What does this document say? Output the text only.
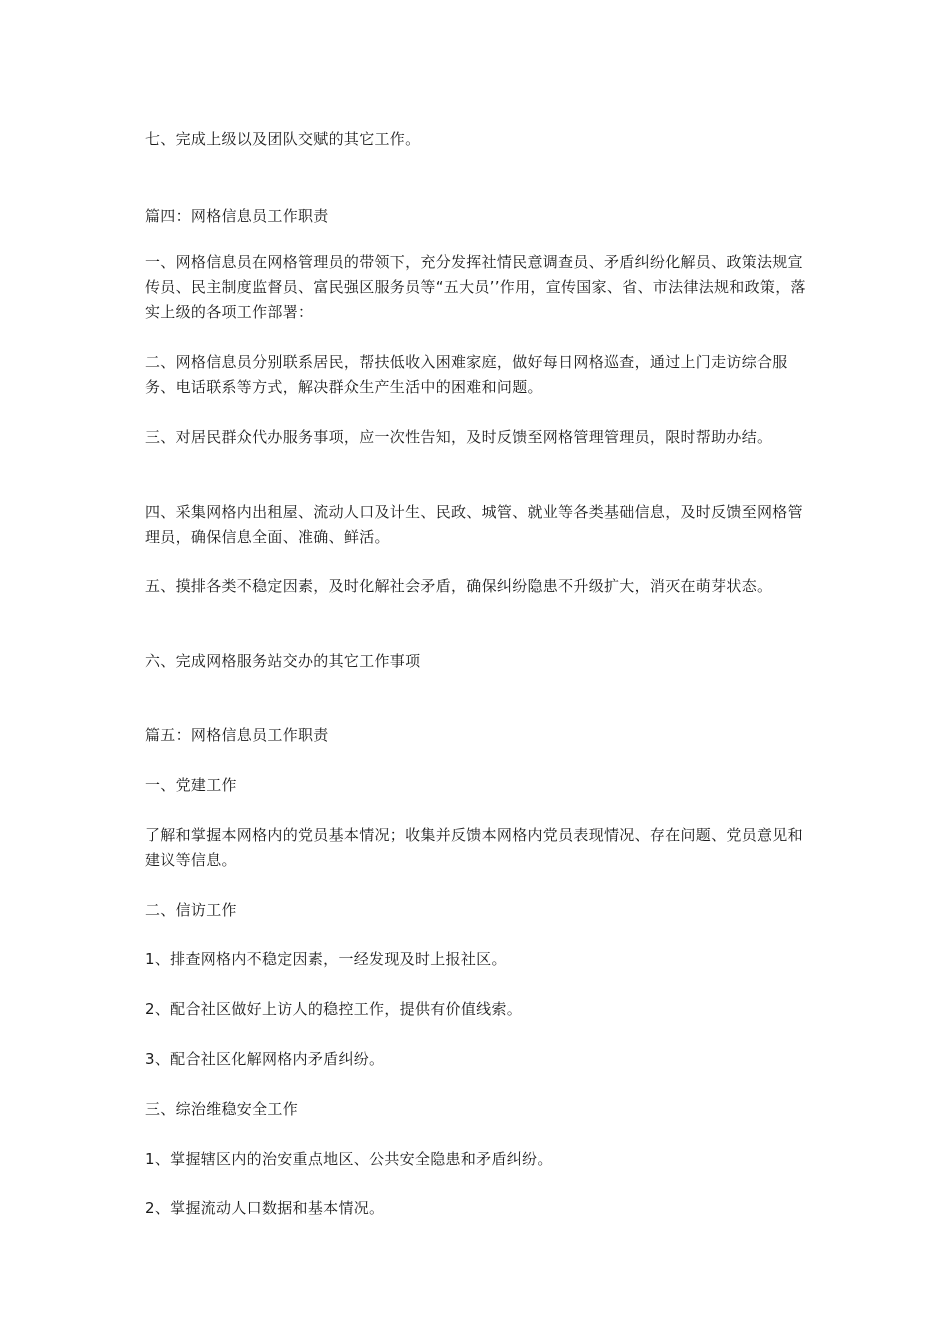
七、完成上级以及团队交赋的其它工作。

篇四：网格信息员工作职责

一、网格信息员在网格管理员的带领下，充分发挥社情民意调查员、矛盾纠纷化解员、政策法规宣传员、民主制度监督员、富民强区服务员等“五大员’’作用，宣传国家、省、市法律法规和政策，落实上级的各项工作部署：

二、网格信息员分别联系居民，帮扶低收入困难家庭，做好每日网格巡查，通过上门走访综合服务、电话联系等方式，解决群众生产生活中的困难和问题。

三、对居民群众代办服务事项，应一次性告知，及时反馈至网格管理管理员，限时帮助办结。

四、采集网格内出租屋、流动人口及计生、民政、城管、就业等各类基础信息，及时反馈至网格管理员，确保信息全面、准确、鲜活。

五、摸排各类不稳定因素，及时化解社会矛盾，确保纠纷隐患不升级扩大，消灭在萌芽状态。

六、完成网格服务站交办的其它工作事项

篇五：网格信息员工作职责

一、党建工作

了解和掌握本网格内的党员基本情况；收集并反馈本网格内党员表现情况、存在问题、党员意见和建议等信息。

二、信访工作

1、排查网格内不稳定因素，一经发现及时上报社区。

2、配合社区做好上访人的稳控工作，提供有价值线索。

3、配合社区化解网格内矛盾纠纷。

三、综治维稳安全工作

1、掌握辖区内的治安重点地区、公共安全隐患和矛盾纠纷。

2、掌握流动人口数据和基本情况。
